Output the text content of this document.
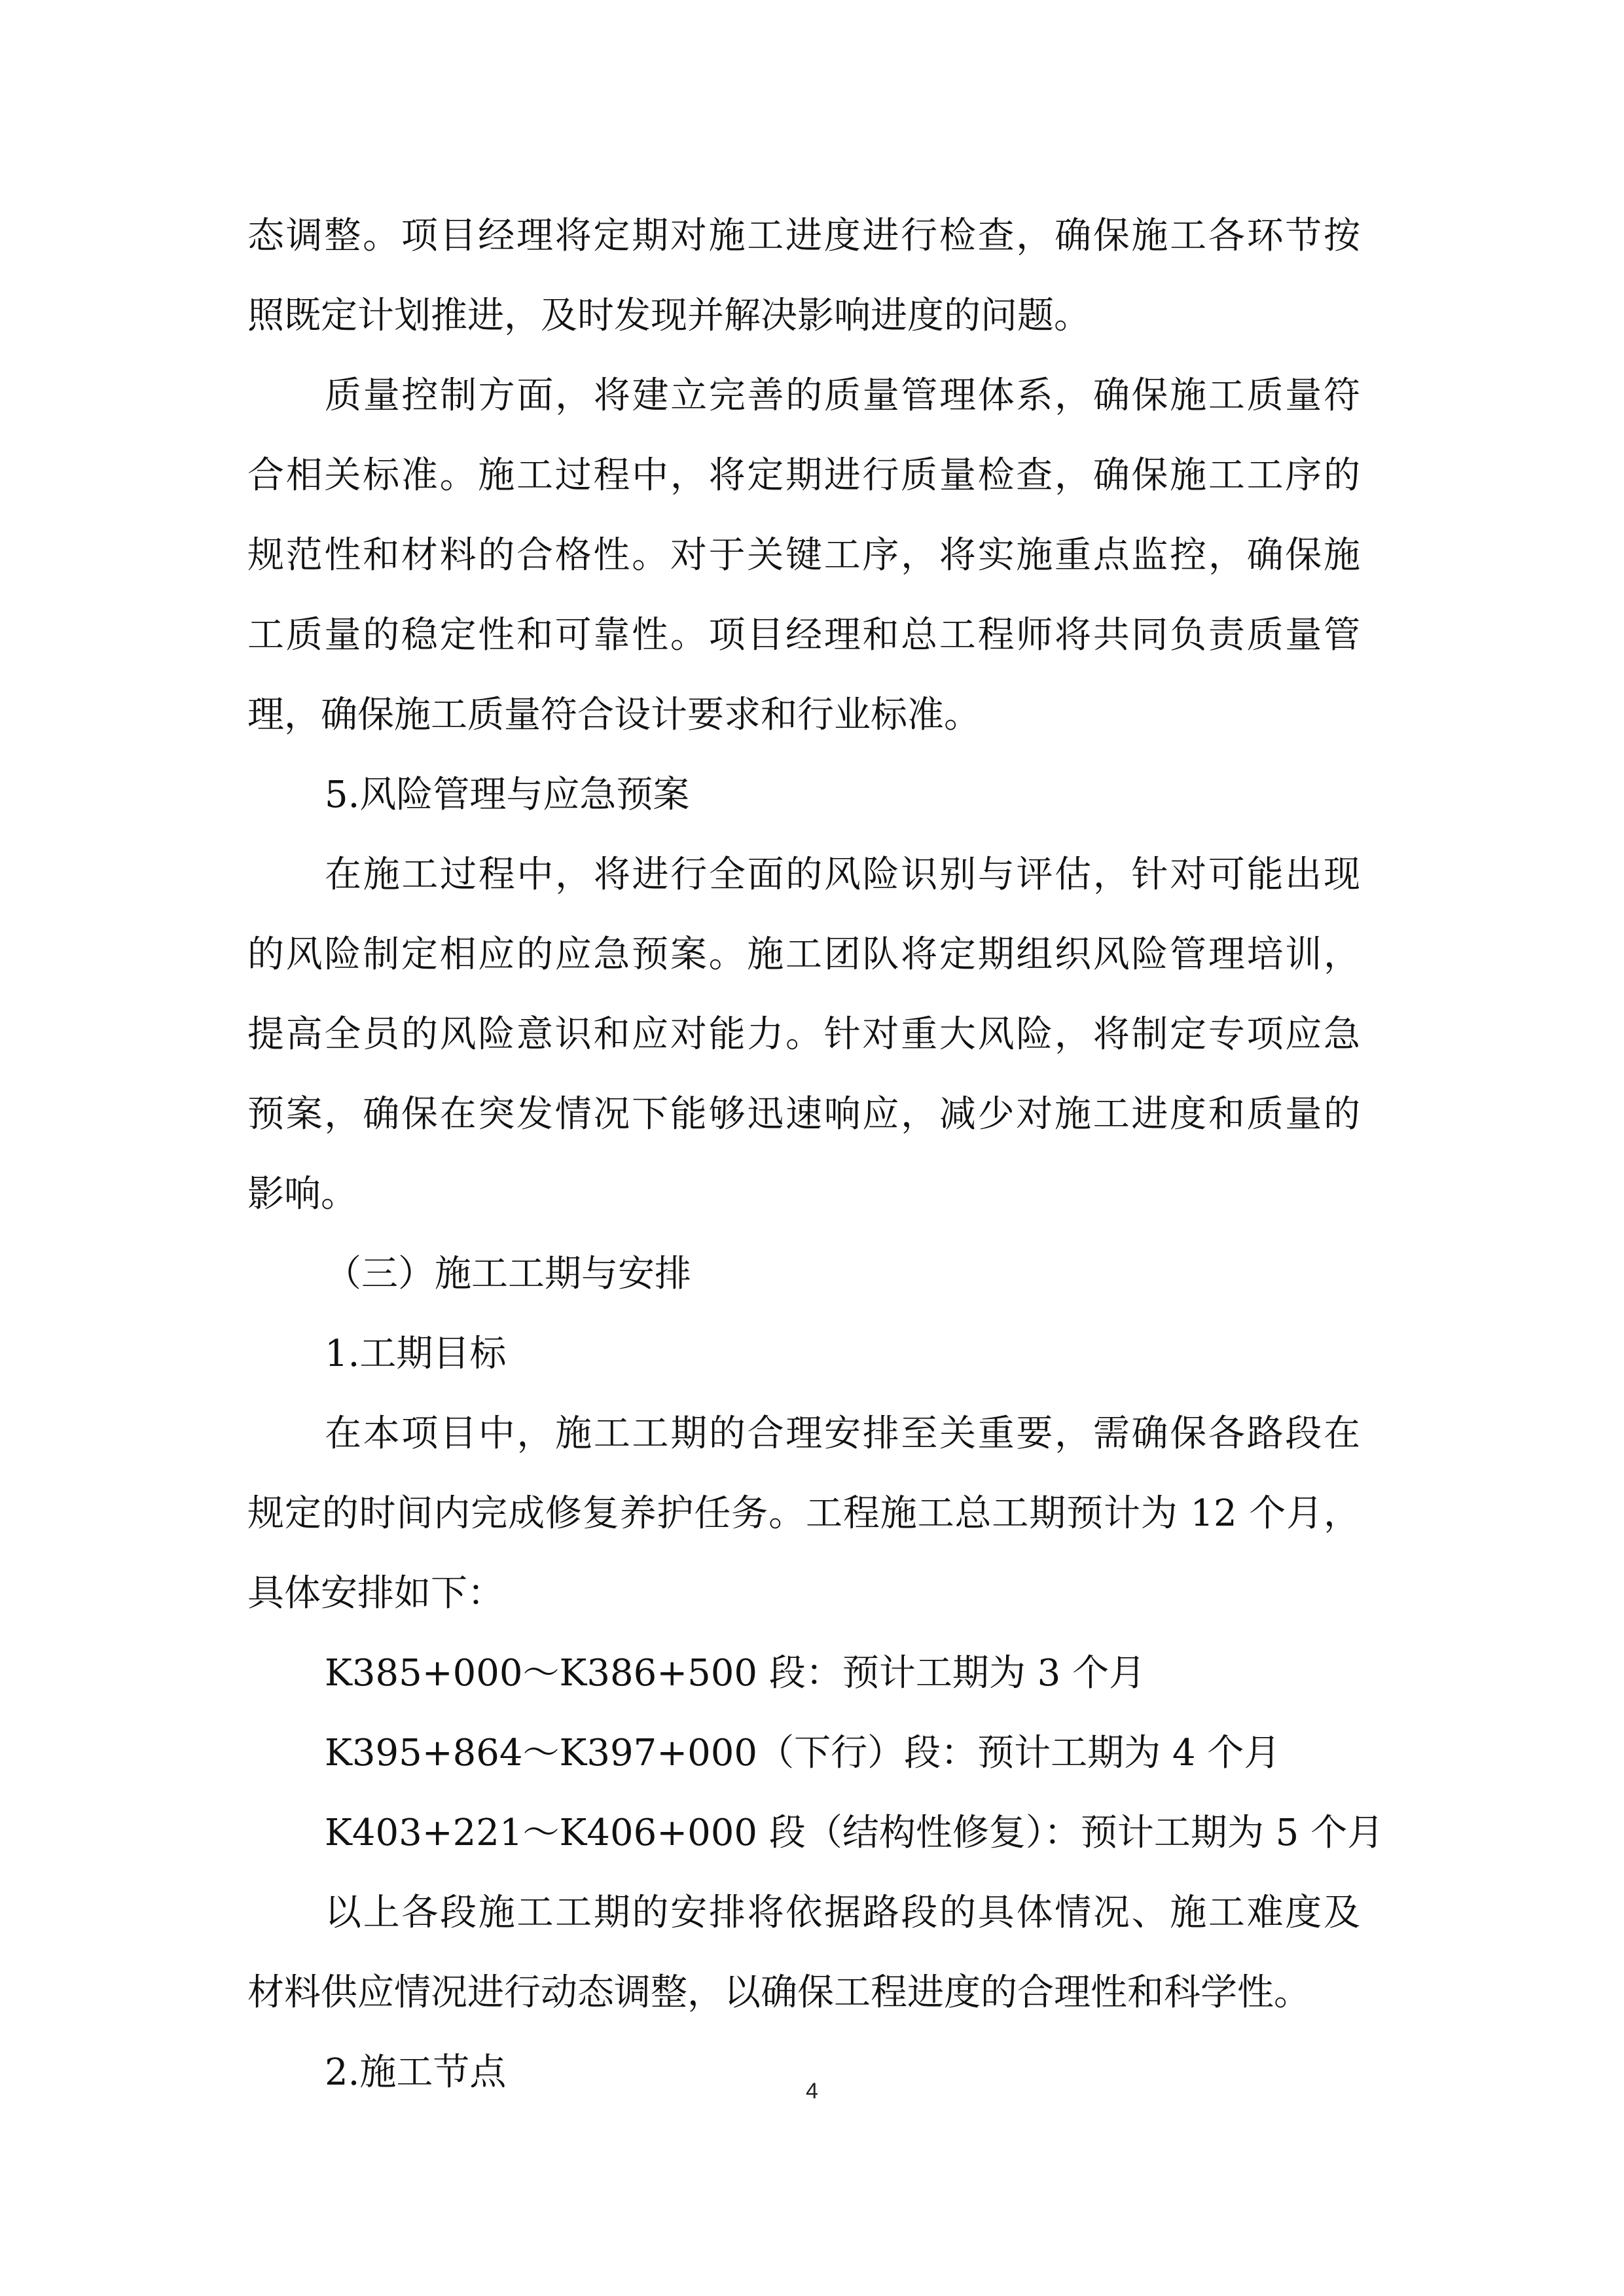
态调整。项目经理将定期对施工进度进行检查，确保施工各环节按
照既定计划推进，及时发现并解决影响进度的问题。
质量控制方面，将建立完善的质量管理体系，确保施工质量符
合相关标准。施工过程中，将定期进行质量检查，确保施工工序的
规范性和材料的合格性。对于关键工序，将实施重点监控，确保施
工质量的稳定性和可靠性。项目经理和总工程师将共同负责质量管
理，确保施工质量符合设计要求和行业标准。
5.风险管理与应急预案
在施工过程中，将进行全面的风险识别与评估，针对可能出现
的风险制定相应的应急预案。施工团队将定期组织风险管理培训，
提高全员的风险意识和应对能力。针对重大风险，将制定专项应急
预案，确保在突发情况下能够迅速响应，减少对施工进度和质量的
影响。
（三）施工工期与安排
1.工期目标
在本项目中，施工工期的合理安排至关重要，需确保各路段在
规定的时间内完成修复养护任务。工程施工总工期预计为 12 个月，
具体安排如下：
K385+000～K386+500 段：预计工期为 3 个月
K395+864～K397+000（下行）段：预计工期为 4 个月
K403+221～K406+000 段（结构性修复）：预计工期为 5 个月
以上各段施工工期的安排将依据路段的具体情况、施工难度及
材料供应情况进行动态调整，以确保工程进度的合理性和科学性。
2.施工节点	4
